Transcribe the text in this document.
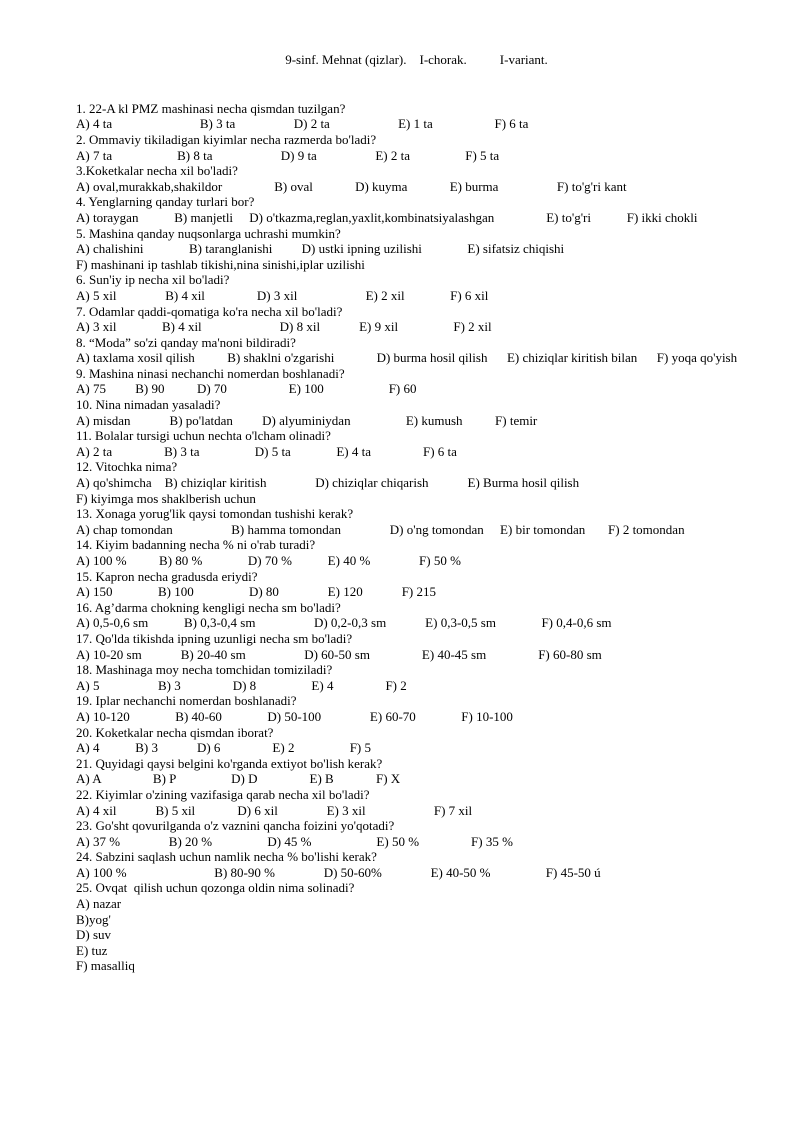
9-sinf. Mehnat (qizlar). I-chorak.	I-variant.

1. 22-A kl PMZ mashinasi necha qismdan tuzilgan?
A) 4 ta                           B) 3 ta                  D) 2 ta                     E) 1 ta                   F) 6 ta
2. Ommaviy tikiladigan kiyimlar necha razmerda bo'ladi?
A) 7 ta                    B) 8 ta                     D) 9 ta                  E) 2 ta                 F) 5 ta
3.Koketkalar necha xil bo'ladi?
A) oval,murakkab,shakildor                B) oval             D) kuyma             E) burma                  F) to'g'ri kant
4. Yenglarning qanday turlari bor?
A) toraygan           B) manjetli     D) o'tkazma,reglan,yaxlit,kombinatsiyalashgan                E) to'g'ri           F) ikki chokli
5. Mashina qanday nuqsonlarga uchrashi mumkin?
A) chalishini              B) taranglanishi         D) ustki ipning uzilishi              E) sifatsiz chiqishi
F) mashinani ip tashlab tikishi,nina sinishi,iplar uzilishi
6. Sun'iy ip necha xil bo'ladi?
A) 5 xil               B) 4 xil                D) 3 xil                     E) 2 xil              F) 6 xil
7. Odamlar qaddi-qomatiga ko'ra necha xil bo'ladi?
A) 3 xil              B) 4 xil                        D) 8 xil            E) 9 xil                 F) 2 xil
8. “Moda” so'zi qanday ma'noni bildiradi?
A) taxlama xosil qilish          B) shaklni o'zgarishi             D) burma hosil qilish      E) chiziqlar kiritish bilan      F) yoqa qo'yish
9. Mashina ninasi nechanchi nomerdan boshlanadi?
A) 75         B) 90          D) 70                   E) 100                    F) 60
10. Nina nimadan yasaladi?
A) misdan            B) po'latdan         D) alyuminiydan                 E) kumush          F) temir
11. Bolalar tursigi uchun nechta o'lcham olinadi?
A) 2 ta                B) 3 ta                 D) 5 ta              E) 4 ta                F) 6 ta
12. Vitochka nima?
A) qo'shimcha    B) chiziqlar kiritish               D) chiziqlar chiqarish            E) Burma hosil qilish
F) kiyimga mos shaklberish uchun
13. Xonaga yorug'lik qaysi tomondan tushishi kerak?
A) chap tomondan                  B) hamma tomondan               D) o'ng tomondan     E) bir tomondan       F) 2 tomondan
14. Kiyim badanning necha % ni o'rab turadi?
A) 100 %          B) 80 %              D) 70 %           E) 40 %               F) 50 %
15. Kapron necha gradusda eriydi?
A) 150              B) 100                 D) 80               E) 120            F) 215
16. Ag’darma chokning kengligi necha sm bo'ladi?
A) 0,5-0,6 sm           B) 0,3-0,4 sm                  D) 0,2-0,3 sm            E) 0,3-0,5 sm              F) 0,4-0,6 sm
17. Qo'lda tikishda ipning uzunligi necha sm bo'ladi?
A) 10-20 sm            B) 20-40 sm                  D) 60-50 sm                E) 40-45 sm                F) 60-80 sm
18. Mashinaga moy necha tomchidan tomiziladi?
A) 5                  B) 3                D) 8                 E) 4                F) 2
19. Iplar nechanchi nomerdan boshlanadi?
A) 10-120              B) 40-60              D) 50-100               E) 60-70              F) 10-100
20. Koketkalar necha qismdan iborat?
A) 4           B) 3            D) 6                E) 2                 F) 5
21. Quyidagi qaysi belgini ko'rganda extiyot bo'lish kerak?
A) A                B) P                 D) D                E) B             F) X
22. Kiyimlar o'zining vazifasiga qarab necha xil bo'ladi?
A) 4 xil            B) 5 xil             D) 6 xil               E) 3 xil                     F) 7 xil
23. Go'sht qovurilganda o'z vaznini qancha foizini yo'qotadi?
A) 37 %               B) 20 %                 D) 45 %                    E) 50 %                F) 35 %
24. Sabzini saqlash uchun namlik necha % bo'lishi kerak?
A) 100 %                           B) 80-90 %               D) 50-60%               E) 40-50 %                 F) 45-50 ú
25. Ovqat  qilish uchun qozonga oldin nima solinadi?
A) nazar
B)yog'
D) suv
E) tuz
F) masalliq
